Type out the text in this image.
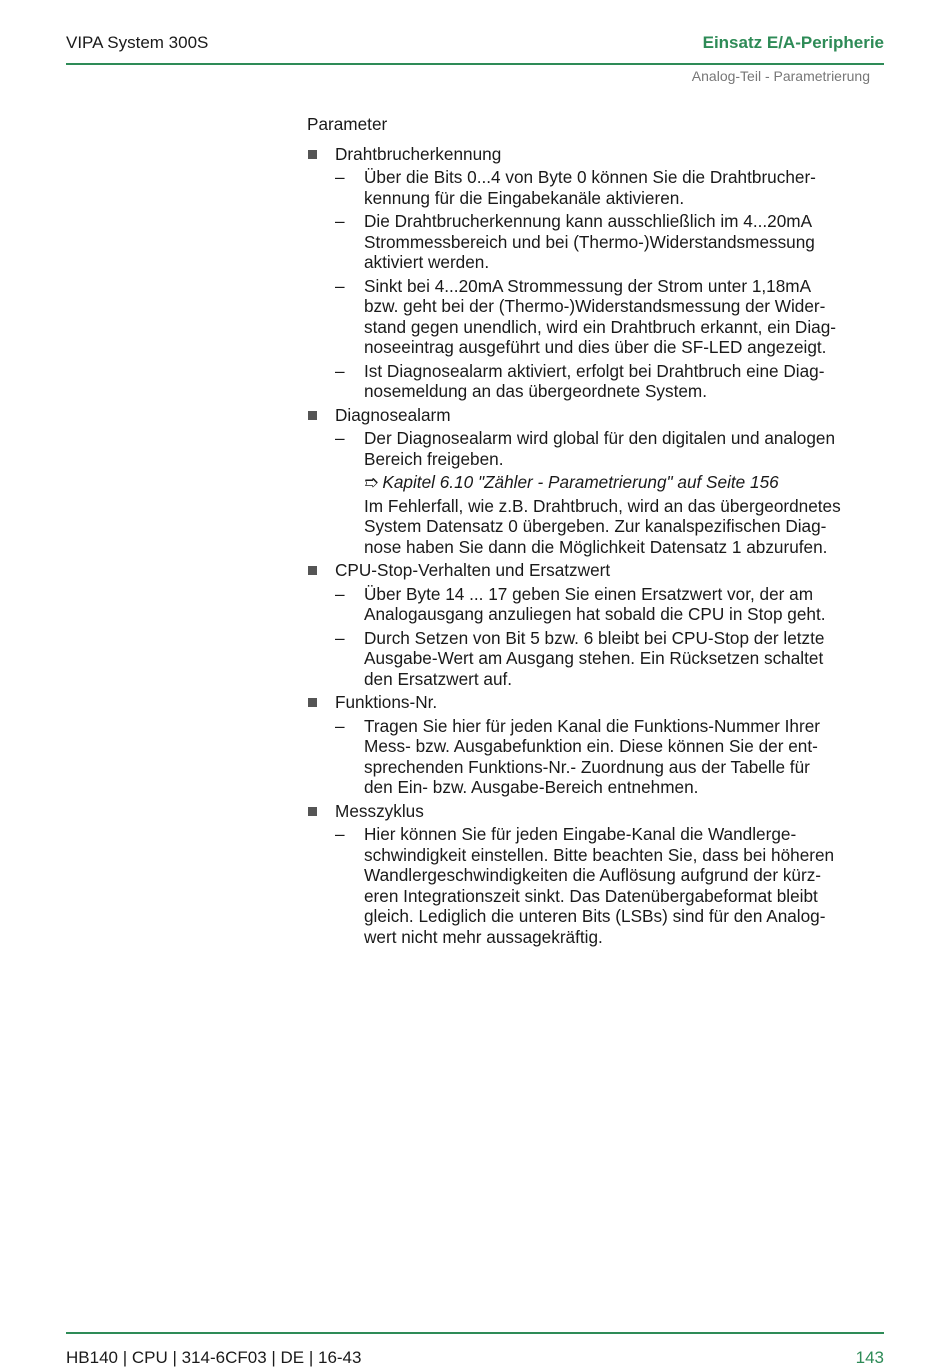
VIPA System 300S	Einsatz E/A-Peripherie
Analog-Teil - Parametrierung
Parameter
Drahtbrucherkennung
– Über die Bits 0...4 von Byte 0 können Sie die Drahtbrucher-
kennung für die Eingabekanäle aktivieren.
– Die Drahtbrucherkennung kann ausschließlich im 4...20mA
Strommessbereich und bei (Thermo-)Widerstandsmessung
aktiviert werden.
– Sinkt bei 4...20mA Strommessung der Strom unter 1,18mA
bzw. geht bei der (Thermo-)Widerstandsmessung der Wider-
stand gegen unendlich, wird ein Drahtbruch erkannt, ein Diag-
noseeintrag ausgeführt und dies über die SF-LED angezeigt.
– Ist Diagnosealarm aktiviert, erfolgt bei Drahtbruch eine Diag-
nosemeldung an das übergeordnete System.
Diagnosealarm
– Der Diagnosealarm wird global für den digitalen und analogen
Bereich freigeben.
➱ Kapitel 6.10 "Zähler - Parametrierung" auf Seite 156
Im Fehlerfall, wie z.B. Drahtbruch, wird an das übergeordnetes
System Datensatz 0 übergeben. Zur kanalspezifischen Diag-
nose haben Sie dann die Möglichkeit Datensatz 1 abzurufen.
CPU-Stop-Verhalten und Ersatzwert
– Über Byte 14 ... 17 geben Sie einen Ersatzwert vor, der am
Analogausgang anzuliegen hat sobald die CPU in Stop geht.
– Durch Setzen von Bit 5 bzw. 6 bleibt bei CPU-Stop der letzte
Ausgabe-Wert am Ausgang stehen. Ein Rücksetzen schaltet
den Ersatzwert auf.
Funktions-Nr.
– Tragen Sie hier für jeden Kanal die Funktions-Nummer Ihrer
Mess- bzw. Ausgabefunktion ein. Diese können Sie der ent-
sprechenden Funktions-Nr.- Zuordnung aus der Tabelle für
den Ein- bzw. Ausgabe-Bereich entnehmen.
Messzyklus
– Hier können Sie für jeden Eingabe-Kanal die Wandlerge-
schwindigkeit einstellen. Bitte beachten Sie, dass bei höheren
Wandlergeschwindigkeiten die Auflösung aufgrund der kürz-
eren Integrationszeit sinkt. Das Datenübergabeformat bleibt
gleich. Lediglich die unteren Bits (LSBs) sind für den Analog-
wert nicht mehr aussagekräftig.
HB140 | CPU | 314-6CF03 | DE | 16-43	143
